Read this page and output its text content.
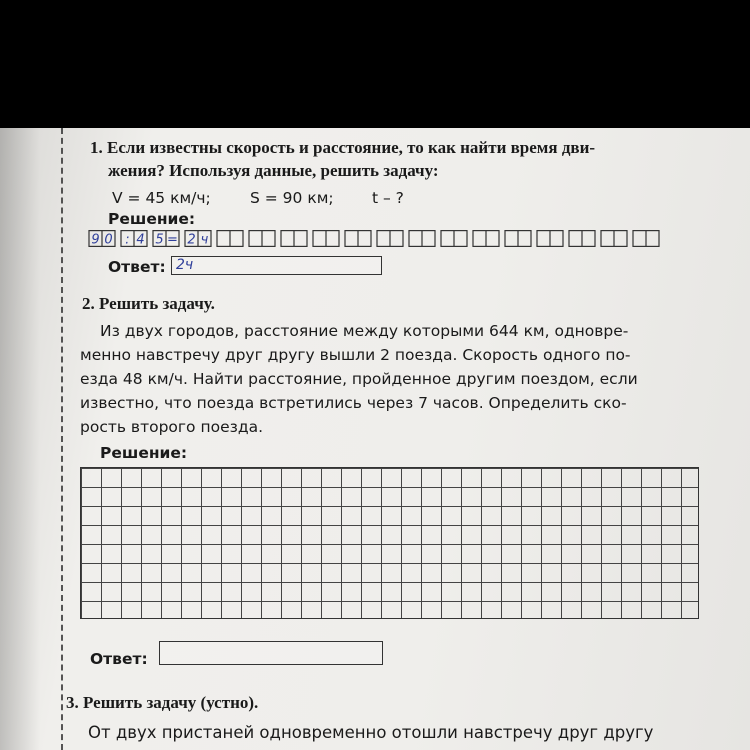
1. Если известны скорость и расстояние, то как найти время дви-
жения? Используя данные, решить задачу:
V = 45 км/ч;	S = 90 км; t – ?
Решение:
9 0 : 4 5 = 2 ч
Ответ: 2ч
2. Решить задачу.
Из двух городов, расстояние между которыми 644 км, одновре-
менно навстречу друг другу вышли 2 поезда. Скорость одного по-
езда 48 км/ч. Найти расстояние, пройденное другим поездом, если
известно, что поезда встретились через 7 часов. Определить ско-
рость второго поезда.
Решение:
Ответ:
3. Решить задачу (устно).
От двух пристаней одновременно отошли навстречу друг другу
